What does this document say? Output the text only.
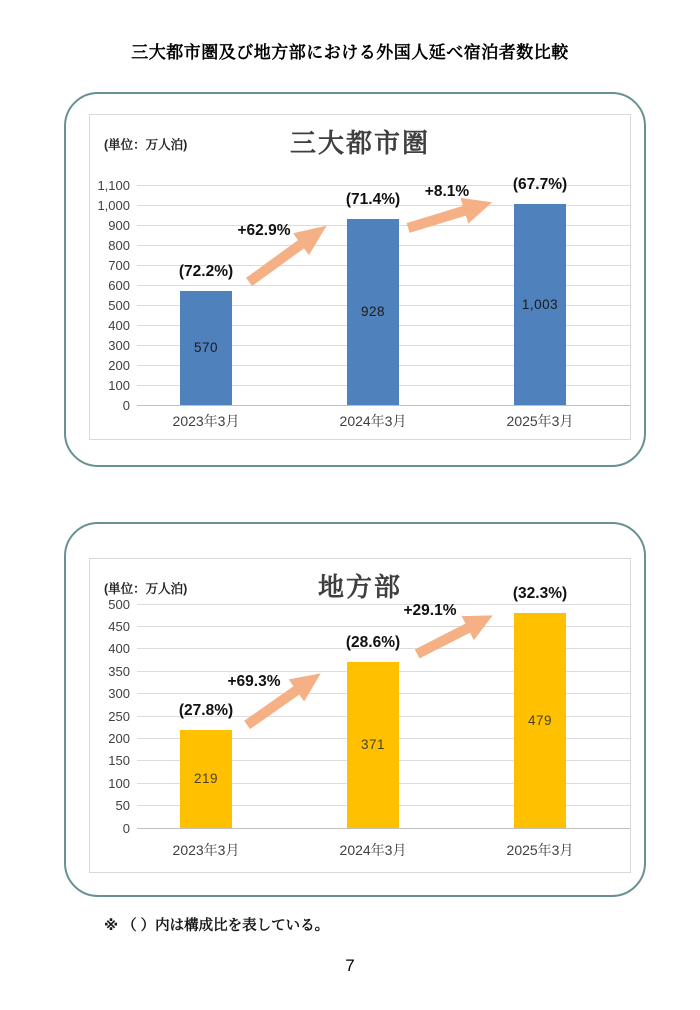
三大都市圏及び地方部における外国人延べ宿泊者数比較
(単位：万人泊)	三大都市圏
0
100
200
300
400
500
600
700
800
900
1,000
1,100
570
(72.2%)
2023年3月
928
(71.4%)
2024年3月
1,003
(67.7%)
2025年3月
+62.9%
+8.1%
(単位：万人泊)	地方部
0
50
100
150
200
250
300
350
400
450
500
219
(27.8%)
2023年3月
371
(28.6%)
2024年3月
479
(32.3%)
2025年3月
+69.3%
+29.1%
※ （ ）内は構成比を表している。
7
